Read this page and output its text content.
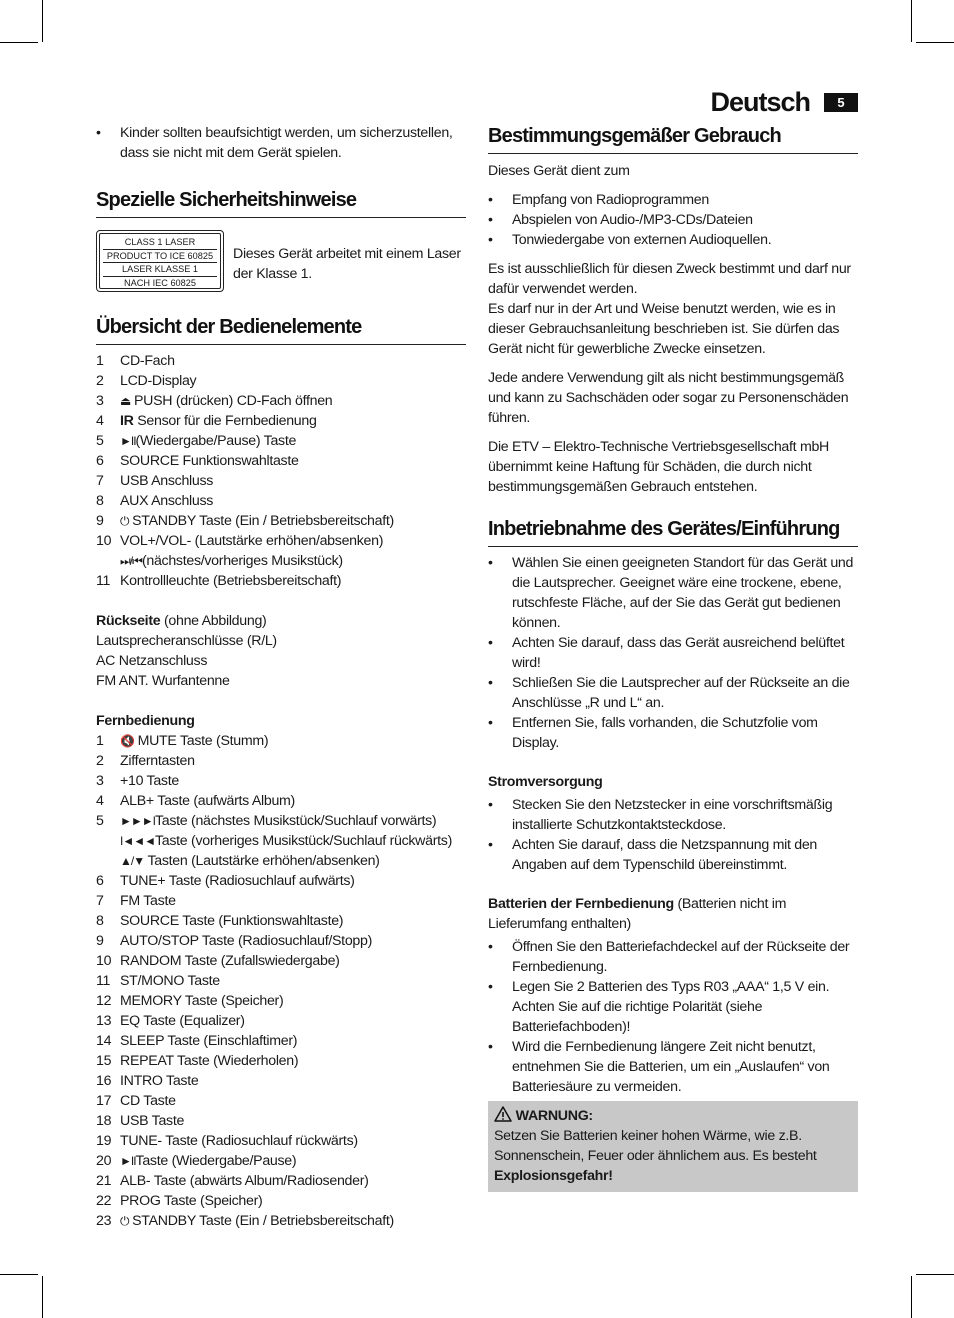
Deutsch	5
• Kinder sollten beaufsichtigt werden, um sicherzustellen, dass sie nicht mit dem Gerät spielen.
Spezielle Sicherheitshinweise
CLASS 1 LASER
PRODUCT TO ICE 60825
LASER KLASSE 1
NACH IEC 60825

Dieses Gerät arbeitet mit einem Laser der Klasse 1.

Übersicht der Bedienelemente
1 CD-Fach
2 LCD-Display
3 ⏏ PUSH (drücken) CD-Fach öffnen
4 IR Sensor für die Fernbedienung
5 ►II(Wiedergabe/Pause) Taste
6 SOURCE Funktionswahltaste
7 USB Anschluss
8 AUX Anschluss
9 ⏻ STANDBY Taste (Ein / Betriebsbereitschaft)
10 VOL+/VOL- (Lautstärke erhöhen/absenken)
⏭/⏮(nächstes/vorheriges Musikstück)
11 Kontrollleuchte (Betriebsbereitschaft)

Rückseite (ohne Abbildung)

Lautsprecheranschlüsse (R/L)

AC Netzanschluss

FM ANT. Wurfantenne

Fernbedienung

1 🔇 MUTE Taste (Stumm)
2 Zifferntasten
3 +10 Taste
4 ALB+ Taste (aufwärts Album)
5 ►►►ITaste (nächstes Musikstück/Suchlauf vorwärts)
I◄◄◄Taste (vorheriges Musikstück/Suchlauf rückwärts)
▲/▼ Tasten (Lautstärke erhöhen/absenken)
6 TUNE+ Taste (Radiosuchlauf aufwärts)
7 FM Taste
8 SOURCE Taste (Funktionswahltaste)
9 AUTO/STOP Taste (Radiosuchlauf/Stopp)
10 RANDOM Taste (Zufallswiedergabe)
11 ST/MONO Taste
12 MEMORY Taste (Speicher)
13 EQ Taste (Equalizer)
14 SLEEP Taste (Einschlaftimer)
15 REPEAT Taste (Wiederholen)
16 INTRO Taste
17 CD Taste
18 USB Taste
19 TUNE- Taste (Radiosuchlauf rückwärts)
20 ►IITaste (Wiedergabe/Pause)
21 ALB- Taste (abwärts Album/Radiosender)
22 PROG Taste (Speicher)
23 ⏻ STANDBY Taste (Ein / Betriebsbereitschaft)
Bestimmungsgemäßer Gebrauch

Dieses Gerät dient zum

• Empfang von Radioprogrammen
• Abspielen von Audio-/MP3-CDs/Dateien
• Tonwiedergabe von externen Audioquellen.

Es ist ausschließlich für diesen Zweck bestimmt und darf nur dafür verwendet werden.

Es darf nur in der Art und Weise benutzt werden, wie es in dieser Gebrauchsanleitung beschrieben ist. Sie dürfen das Gerät nicht für gewerbliche Zwecke einsetzen.

Jede andere Verwendung gilt als nicht bestimmungsgemäß und kann zu Sachschäden oder sogar zu Personenschäden führen.

Die ETV – Elektro-Technische Vertriebsgesellschaft mbH übernimmt keine Haftung für Schäden, die durch nicht bestimmungsgemäßen Gebrauch entstehen.

Inbetriebnahme des Gerätes/Einführung
• Wählen Sie einen geeigneten Standort für das Gerät und die Lautsprecher. Geeignet wäre eine trockene, ebene, rutschfeste Fläche, auf der Sie das Gerät gut bedienen können.
• Achten Sie darauf, dass das Gerät ausreichend belüftet wird!
• Schließen Sie die Lautsprecher auf der Rückseite an die Anschlüsse „R und L“ an.
• Entfernen Sie, falls vorhanden, die Schutzfolie vom Display.

Stromversorgung

• Stecken Sie den Netzstecker in eine vorschriftsmäßig installierte Schutzkontaktsteckdose.
• Achten Sie darauf, dass die Netzspannung mit den Angaben auf dem Typenschild übereinstimmt.

Batterien der Fernbedienung (Batterien nicht im Lieferumfang enthalten)

• Öffnen Sie den Batteriefachdeckel auf der Rückseite der Fernbedienung.
• Legen Sie 2 Batterien des Typs R03 „AAA“ 1,5 V ein. Achten Sie auf die richtige Polarität (siehe Batteriefachboden)!
• Wird die Fernbedienung längere Zeit nicht benutzt, entnehmen Sie die Batterien, um ein „Auslaufen“ von Batteriesäure zu vermeiden.
WARNUNG:

Setzen Sie Batterien keiner hohen Wärme, wie z.B. Sonnenschein, Feuer oder ähnlichem aus. Es besteht Explosionsgefahr!
